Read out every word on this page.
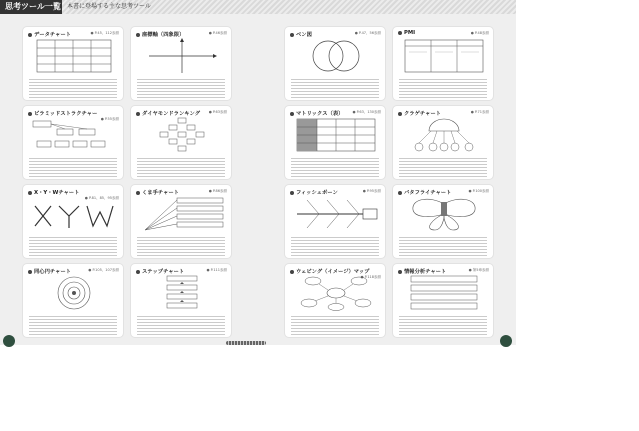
思考ツール一覧 本書に登場する主な思考ツール
データチャート	● P.45、112参照	座標軸（四象限）	● P.46参照	ベン図	● P.47、56参照	PMI	● P.48参照
ピラミッドストラクチャー
● P.55参照
ダイヤモンドランキング ● P.63参照	マトリックス（表）	● P.63、130参照	クラゲチャート	● P.71参照
X・Y・Wチャート
● P.81、85、95参照
くま手チャート	● P.86参照	フィッシュボーン	● P.95参照	バタフライチャート	● P.100参照
同心円チャート	● P.105、107参照	ステップチャート	● P.111参照	ウェビング（イメージ）マップ
● P.118参照
情報分析チャート	● 第5章参照
